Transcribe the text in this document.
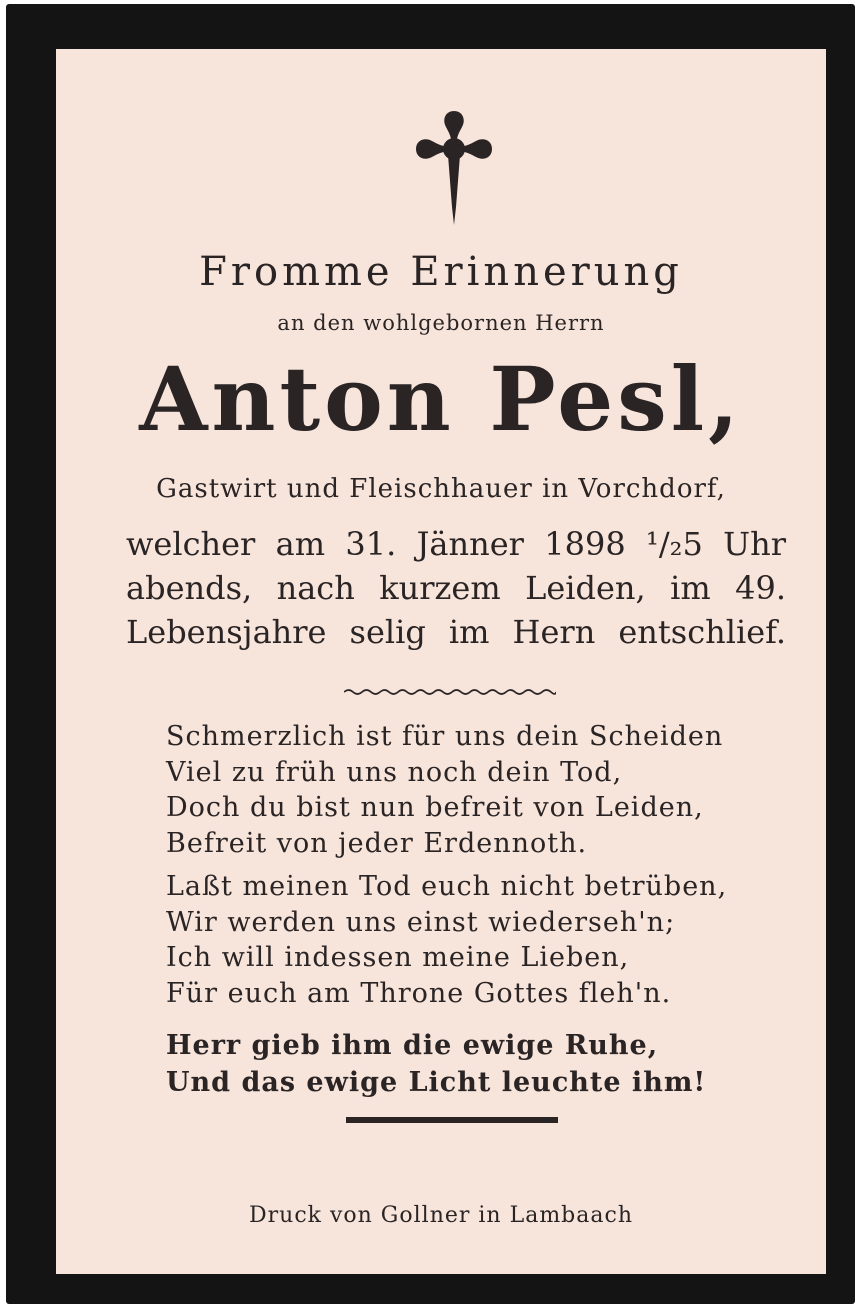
Fromme Erinnerung

an den wohlgebornen Herrn

Anton Pesl,

Gastwirt und Fleischhauer in Vorchdorf,

welcher am 31. Jänner 1898 ¹/₂5 Uhr
abends, nach kurzem Leiden, im 49.
Lebensjahre selig im Hern entschlief.
Schmerzlich ist für uns dein Scheiden
Viel zu früh uns noch dein Tod,
Doch du bist nun befreit von Leiden,
Befreit von jeder Erdennoth.
Laßt meinen Tod euch nicht betrüben,
Wir werden uns einst wiederseh'n;
Ich will indessen meine Lieben,
Für euch am Throne Gottes fleh'n.
Herr gieb ihm die ewige Ruhe,
Und das ewige Licht leuchte ihm!

Druck von Gollner in Lambaach
